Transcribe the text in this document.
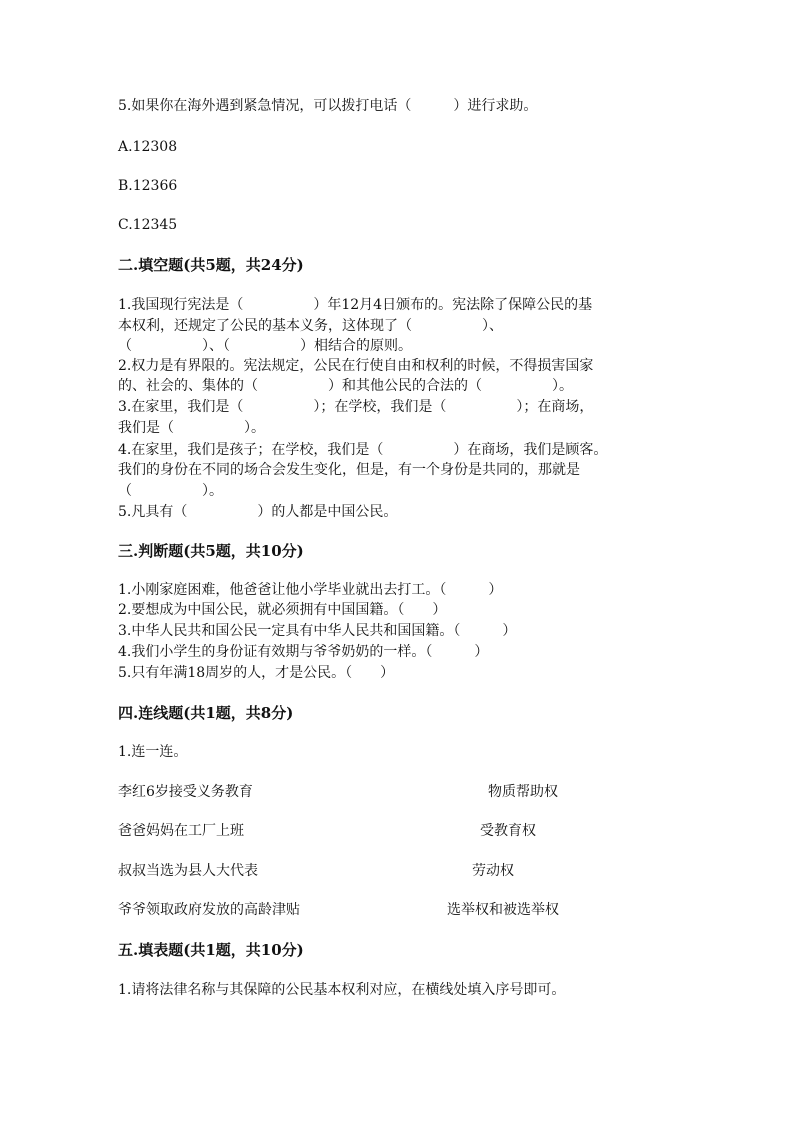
5.如果你在海外遇到紧急情况，可以拨打电话（　　　）进行求助。
A.12308
B.12366
C.12345
二.填空题(共5题，共24分)
1.我国现行宪法是（　　　　　）年12月4日颁布的。宪法除了保障公民的基
本权利，还规定了公民的基本义务，这体现了（　　　　　）、
（　　　　　）、（　　　　　）相结合的原则。
2.权力是有界限的。宪法规定，公民在行使自由和权利的时候，不得损害国家
的、社会的、集体的（　　　　　）和其他公民的合法的（　　　　　）。
3.在家里，我们是（　　　　　）；在学校，我们是（　　　　　）；在商场，
我们是（　　　　　）。
4.在家里，我们是孩子；在学校，我们是（　　　　　）在商场，我们是顾客。
我们的身份在不同的场合会发生变化，但是，有一个身份是共同的，那就是
（　　　　　）。
5.凡具有（　　　　　）的人都是中国公民。
三.判断题(共5题，共10分)
1.小刚家庭困难，他爸爸让他小学毕业就出去打工。（　　　）
2.要想成为中国公民，就必须拥有中国国籍。（　　）
3.中华人民共和国公民一定具有中华人民共和国国籍。（　　　）
4.我们小学生的身份证有效期与爷爷奶奶的一样。（　　　）
5.只有年满18周岁的人，才是公民。（　　）
四.连线题(共1题，共8分)
1.连一连。
李红6岁接受义务教育	物质帮助权
爸爸妈妈在工厂上班	受教育权
叔叔当选为县人大代表	劳动权
爷爷领取政府发放的高龄津贴	选举权和被选举权
五.填表题(共1题，共10分)
1.请将法律名称与其保障的公民基本权利对应，在横线处填入序号即可。
